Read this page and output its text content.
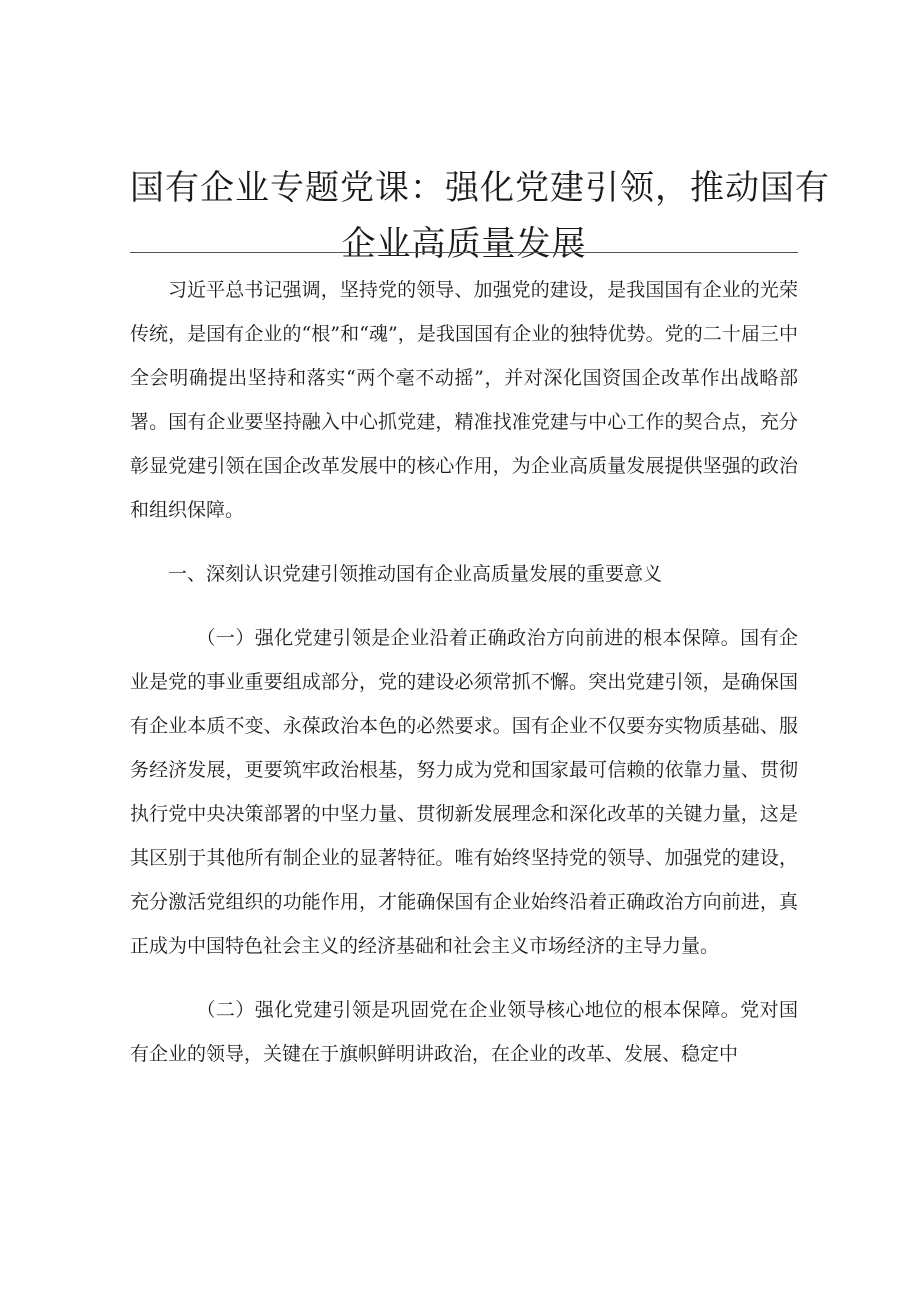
国有企业专题党课：强化党建引领，推动国有
企业高质量发展

习近平总书记强调，坚持党的领导、加强党的建设，是我国国有企业的光荣传统，是国有企业的“根”和“魂”，是我国国有企业的独特优势。党的二十届三中全会明确提出坚持和落实“两个毫不动摇”，并对深化国资国企改革作出战略部署。国有企业要坚持融入中心抓党建，精准找准党建与中心工作的契合点，充分彰显党建引领在国企改革发展中的核心作用，为企业高质量发展提供坚强的政治和组织保障。

一、深刻认识党建引领推动国有企业高质量发展的重要意义

（一）强化党建引领是企业沿着正确政治方向前进的根本保障。国有企业是党的事业重要组成部分，党的建设必须常抓不懈。突出党建引领，是确保国有企业本质不变、永葆政治本色的必然要求。国有企业不仅要夯实物质基础、服务经济发展，更要筑牢政治根基，努力成为党和国家最可信赖的依靠力量、贯彻执行党中央决策部署的中坚力量、贯彻新发展理念和深化改革的关键力量，这是其区别于其他所有制企业的显著特征。唯有始终坚持党的领导、加强党的建设，充分激活党组织的功能作用，才能确保国有企业始终沿着正确政治方向前进，真正成为中国特色社会主义的经济基础和社会主义市场经济的主导力量。

（二）强化党建引领是巩固党在企业领导核心地位的根本保障。党对国有企业的领导，关键在于旗帜鲜明讲政治，在企业的改革、发展、稳定中
